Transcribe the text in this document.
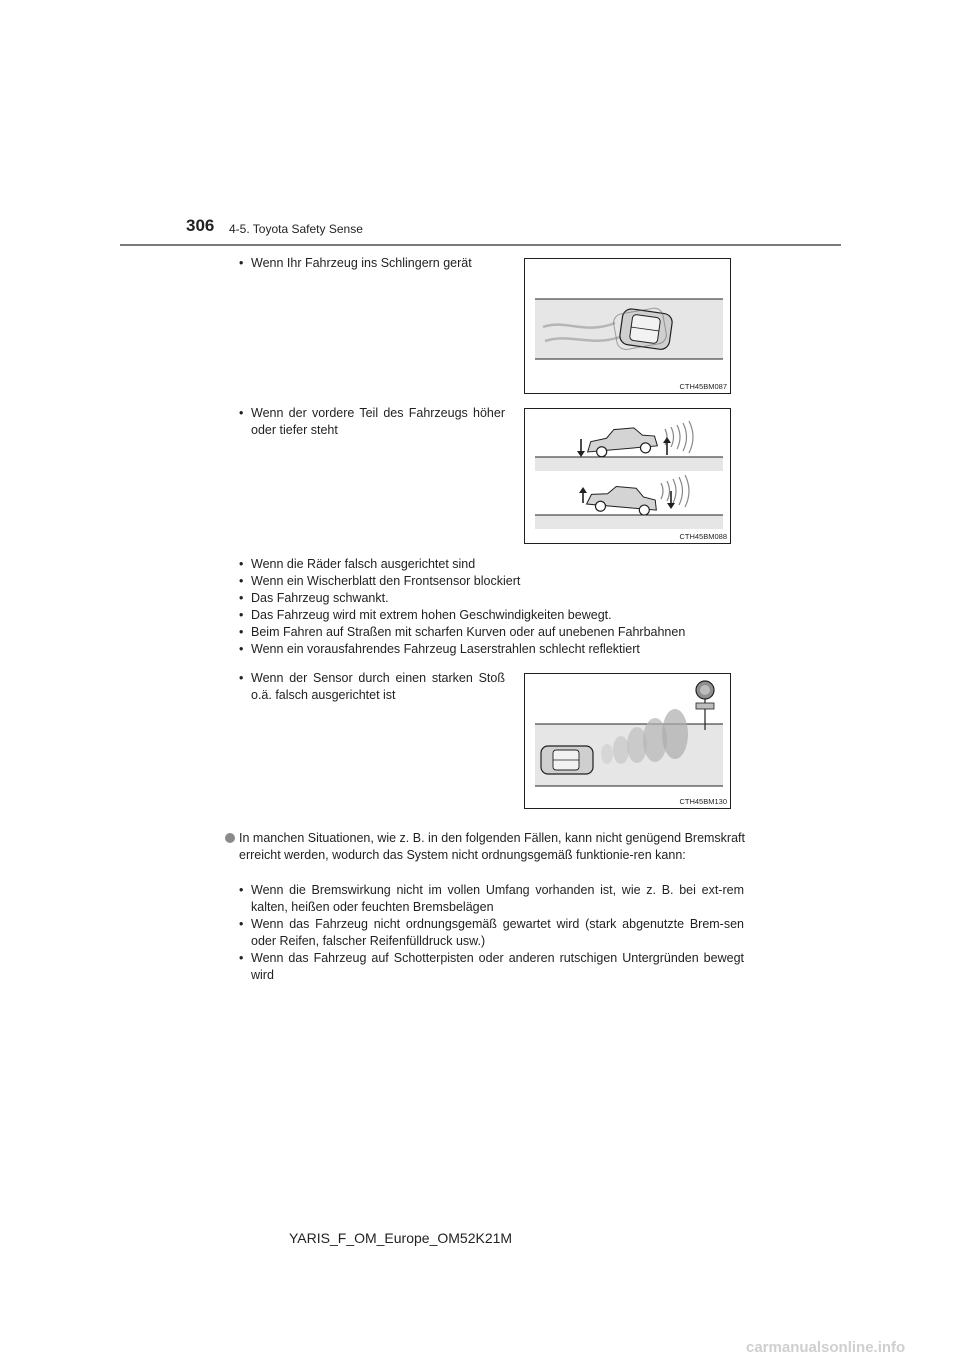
306 4-5. Toyota Safety Sense
• Wenn Ihr Fahrzeug ins Schlingern gerät
CTH45BM087
• Wenn der vordere Teil des Fahrzeugs höher oder tiefer steht
CTH45BM088
• Wenn die Räder falsch ausgerichtet sind
• Wenn ein Wischerblatt den Frontsensor blockiert
• Das Fahrzeug schwankt.
• Das Fahrzeug wird mit extrem hohen Geschwindigkeiten bewegt.
• Beim Fahren auf Straßen mit scharfen Kurven oder auf unebenen Fahrbahnen
• Wenn ein vorausfahrendes Fahrzeug Laserstrahlen schlecht reflektiert
• Wenn der Sensor durch einen starken Stoß o.ä. falsch ausgerichtet ist
CTH45BM130
In manchen Situationen, wie z. B. in den folgenden Fällen, kann nicht genügend Bremskraft erreicht werden, wodurch das System nicht ordnungsgemäß funktionie-ren kann:
• Wenn die Bremswirkung nicht im vollen Umfang vorhanden ist, wie z. B. bei ext-rem kalten, heißen oder feuchten Bremsbelägen
• Wenn das Fahrzeug nicht ordnungsgemäß gewartet wird (stark abgenutzte Brem-sen oder Reifen, falscher Reifenfülldruck usw.)
• Wenn das Fahrzeug auf Schotterpisten oder anderen rutschigen Untergründen bewegt wird
YARIS_F_OM_Europe_OM52K21M
carmanualsonline.info
